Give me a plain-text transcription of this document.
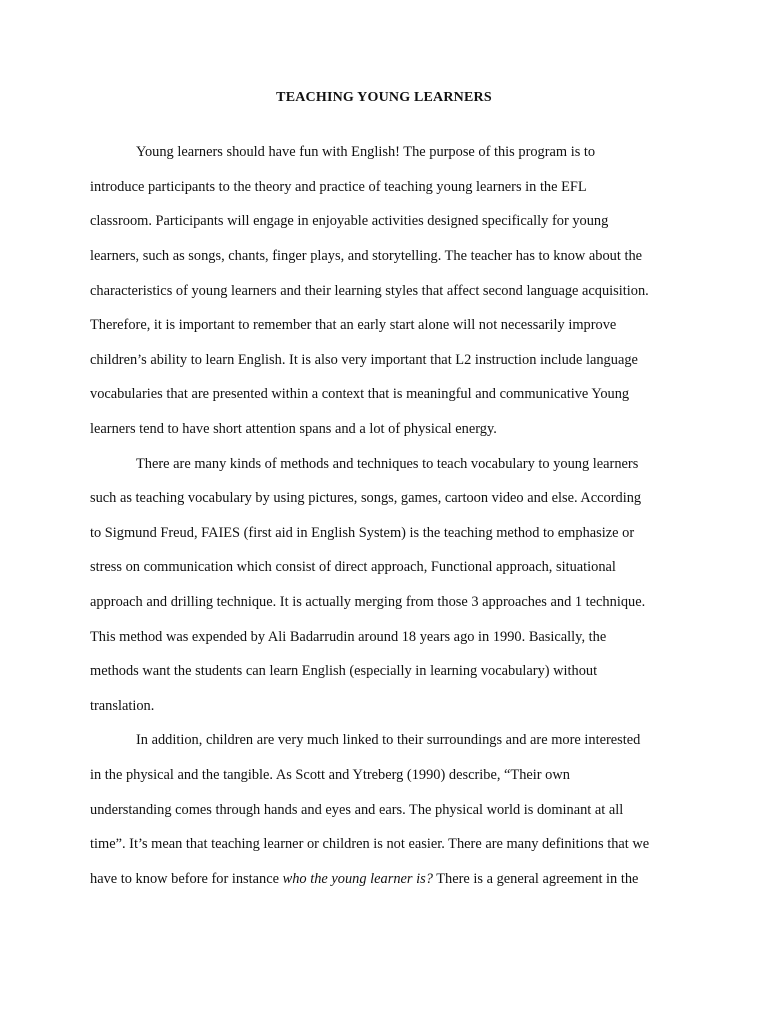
TEACHING YOUNG LEARNERS

Young learners should have fun with English! The purpose of this program is to

introduce participants to the theory and practice of teaching young learners in the EFL

classroom. Participants will engage in enjoyable activities designed specifically for young

learners, such as songs, chants, finger plays, and storytelling. The teacher has to know about the

characteristics of young learners and their learning styles that affect second language acquisition.

Therefore, it is important to remember that an early start alone will not necessarily improve

children’s ability to learn English. It is also very important that L2 instruction include language

vocabularies that are presented within a context that is meaningful and communicative Young

learners tend to have short attention spans and a lot of physical energy.

There are many kinds of methods and techniques to teach vocabulary to young learners

such as teaching vocabulary by using pictures, songs, games, cartoon video and else. According

to Sigmund Freud, FAIES (first aid in English System) is the teaching method to emphasize or

stress on communication which consist of direct approach, Functional approach, situational

approach and drilling technique. It is actually merging from those 3 approaches and 1 technique.

This method was expended by Ali Badarrudin around 18 years ago in 1990. Basically, the

methods want the students can learn English (especially in learning vocabulary) without

translation.

In addition, children are very much linked to their surroundings and are more interested

in the physical and the tangible. As Scott and Ytreberg (1990) describe, “Their own

understanding comes through hands and eyes and ears. The physical world is dominant at all

time”. It’s mean that teaching learner or children is not easier. There are many definitions that we

have to know before for instance who the young learner is? There is a general agreement in the
